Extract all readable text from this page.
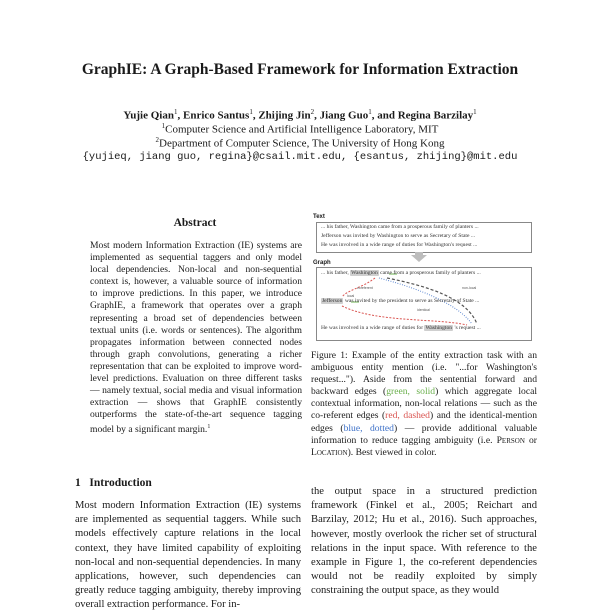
GraphIE: A Graph-Based Framework for Information Extraction
Yujie Qian$^1$, Enrico Santus$^1$, Zhijing Jin$^2$, Jiang Guo$^1$, and Regina Barzilay$^1$
$^1$Computer Science and Artificial Intelligence Laboratory, MIT
$^2$Department of Computer Science, The University of Hong Kong
{yujieq, jiang guo, regina}@csail.mit.edu, {esantus, zhijing}@mit.edu
Abstract

Most modern Information Extraction (IE) systems are implemented as sequential taggers and only model local dependencies. Non-local and non-sequential context is, however, a valuable source of information to improve predictions. In this paper, we introduce GraphIE, a framework that operates over a graph representing a broad set of dependencies between textual units (i.e. words or sentences). The algorithm propagates information between connected nodes through graph convolutions, generating a richer representation that can be exploited to improve word-level predictions. Evaluation on three different tasks — namely textual, social media and visual information extraction — shows that GraphIE consistently outperforms the state-of-the-art sequence tagging model by a significant margin.$^1$

Text
... his father, Washington came from a prosperous family of planters ...
Jefferson was invited by Washington to serve as Secretary of State ...
He was involved in a wide range of duties for Washington's request ...
Graph
... his father, Washington came from a prosperous family of planters ...
Jefferson was invited by the president to serve as Secretary of State ...
He was involved in a wide range of duties for Washington 's request ...
local
coreferent
identical
non-local
Figure 1: Example of the entity extraction task with an ambiguous entity mention (i.e. "...for Washington's request..."). Aside from the sentential forward and backward edges (green, solid) which aggregate local contextual information, non-local relations — such as the co-referent edges (red, dashed) and the identical-mention edges (blue, dotted) — provide additional valuable information to reduce tagging ambiguity (i.e. Person or Location). Best viewed in color.
1   Introduction
Most modern Information Extraction (IE) systems are implemented as sequential taggers. While such models effectively capture relations in the local context, they have limited capability of exploiting non-local and non-sequential dependencies. In many applications, however, such dependencies can greatly reduce tagging ambiguity, thereby improving overall extraction performance. For in-
the output space in a structured prediction framework (Finkel et al., 2005; Reichart and Barzilay, 2012; Hu et al., 2016). Such approaches, however, mostly overlook the richer set of structural relations in the input space. With reference to the example in Figure 1, the co-referent dependencies would not be readily exploited by simply constraining the output space, as they would
